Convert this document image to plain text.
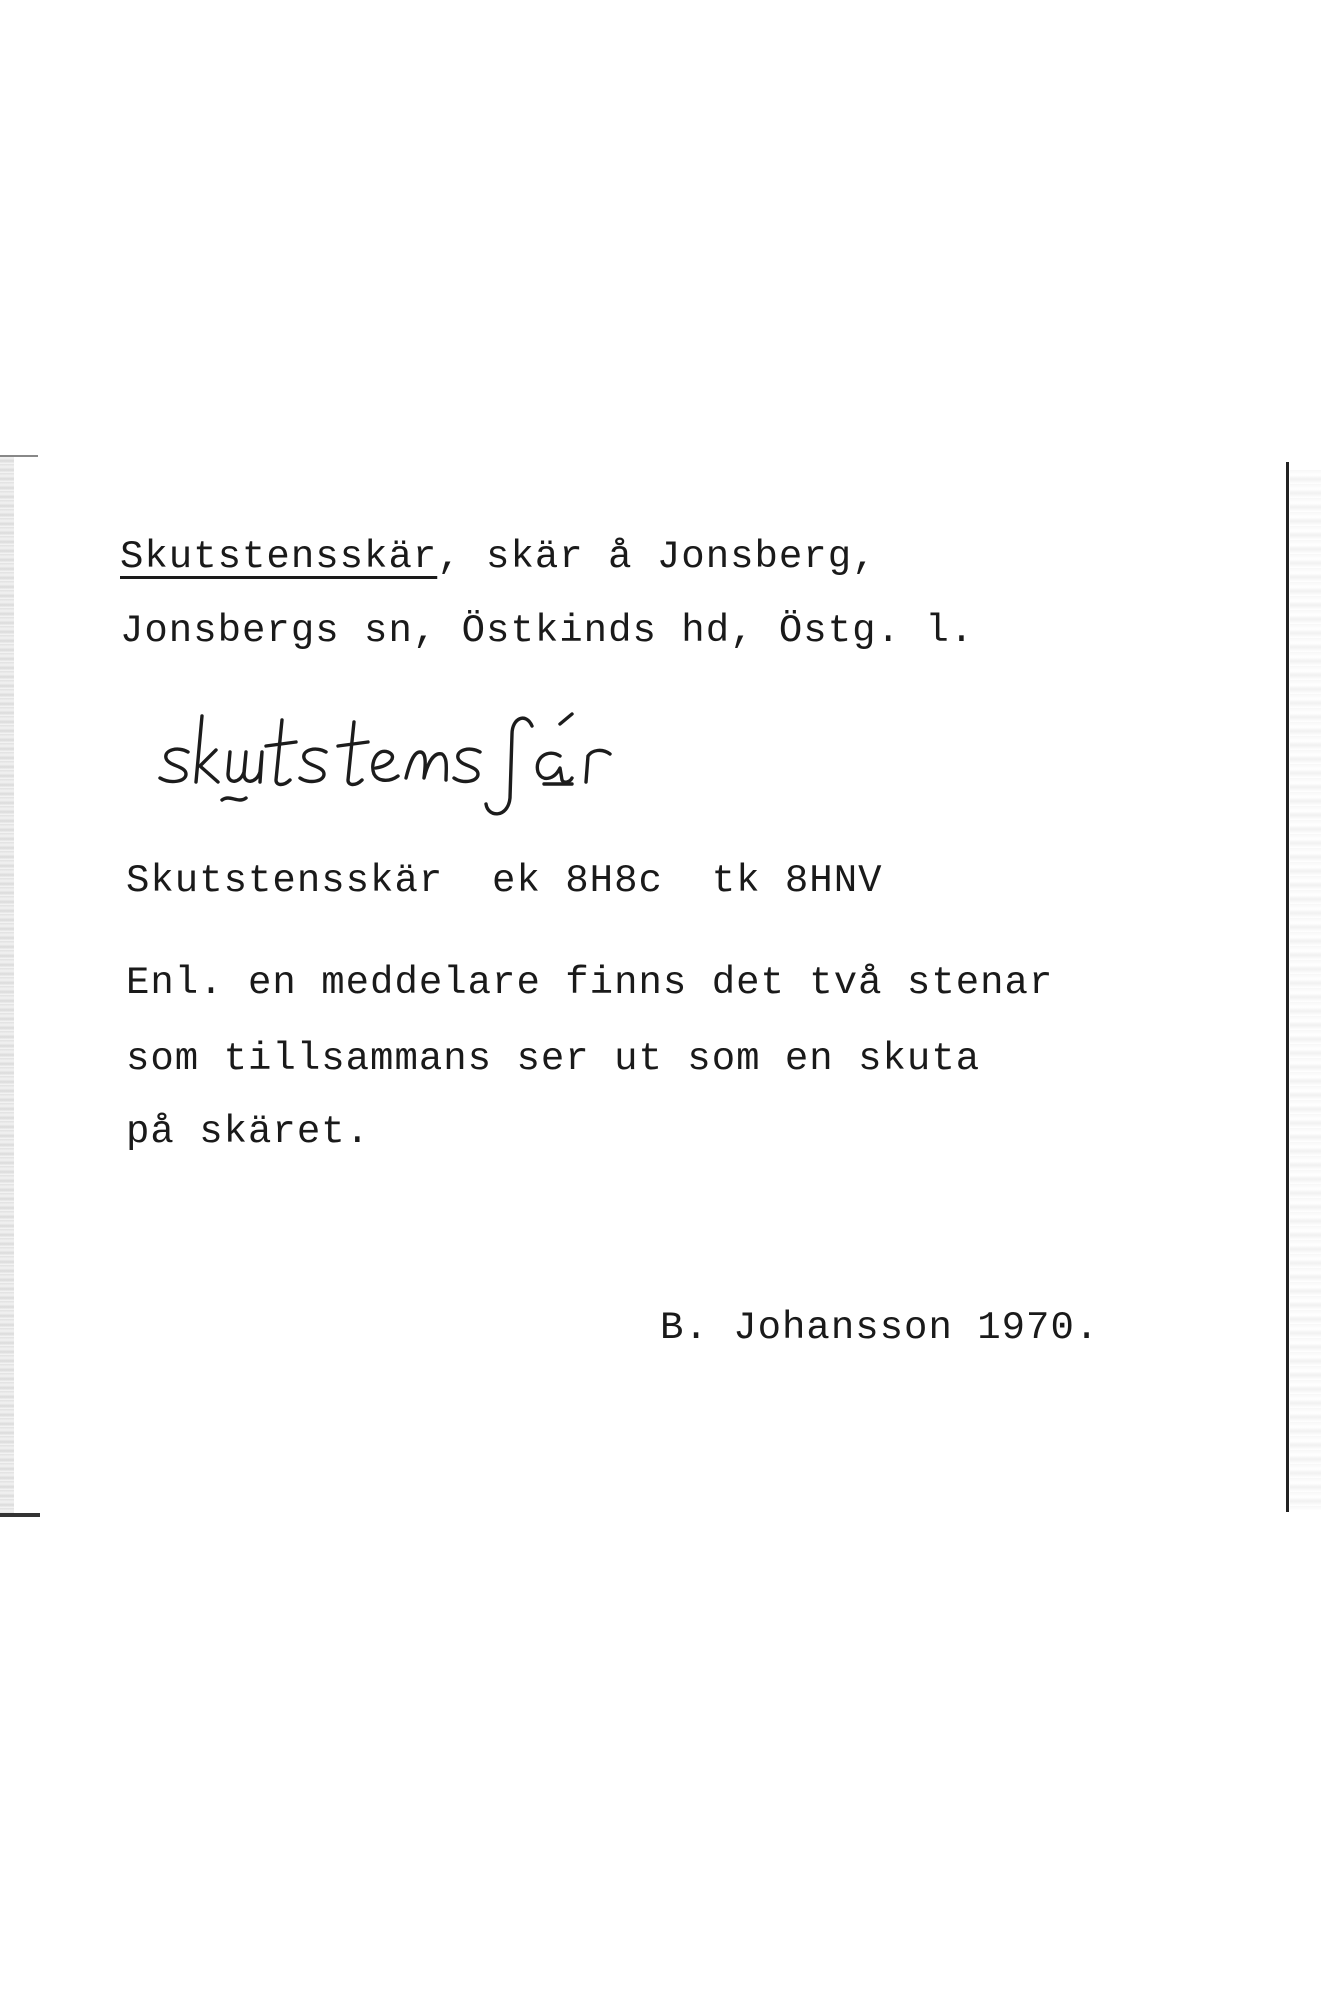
Skutstensskär, skär å Jonsberg,
Jonsbergs sn, Östkinds hd, Östg. l.
Skutstensskär  ek 8H8c  tk 8HNV
Enl. en meddelare finns det två stenar
som tillsammans ser ut som en skuta
på skäret.
B. Johansson 1970.
